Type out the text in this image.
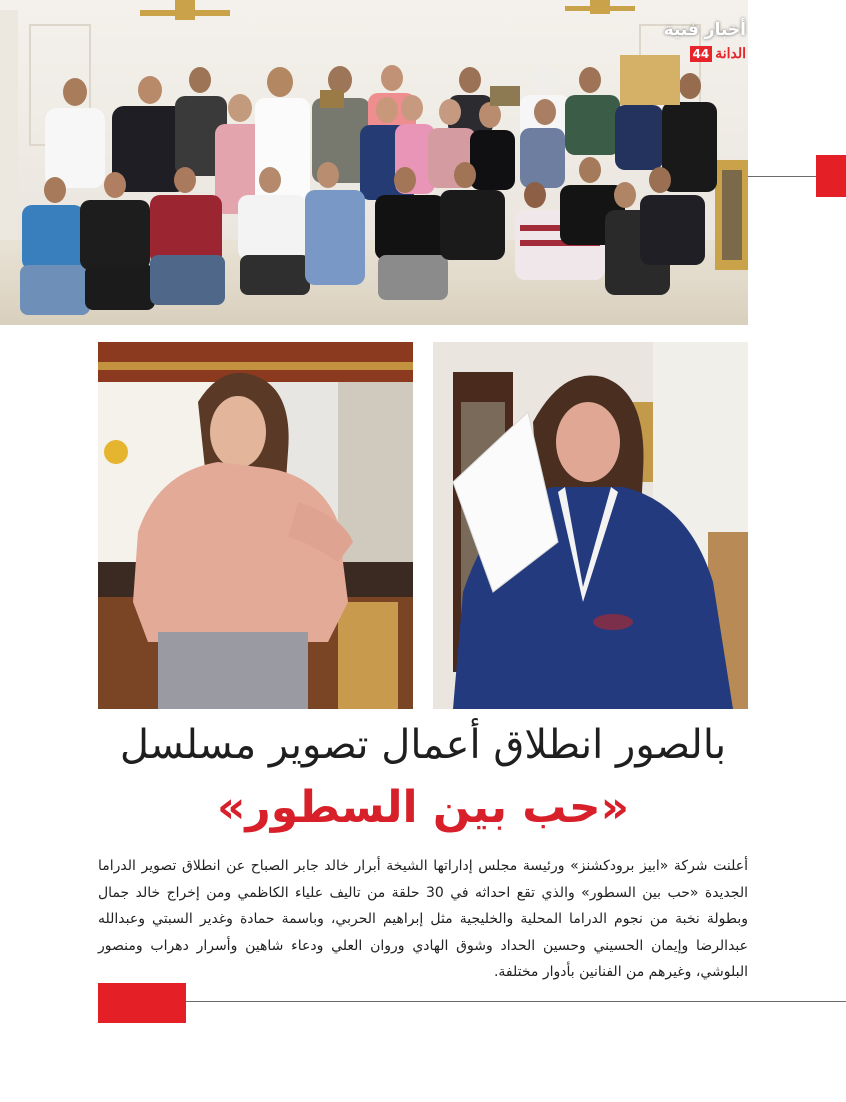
أخبار فنية
44 الدانة
بالصور انطلاق أعمال تصوير مسلسل
«حب بين السطور»
أعلنت شركة «ابيز برودكشنز» ورئيسة مجلس إداراتها الشيخة أبرار خالد جابر الصباح عن انطلاق تصوير الدراما الجديدة «حب بين السطور» والذي تقع احداثه في 30 حلقة من تاليف علياء الكاظمي ومن إخراج خالد جمال وبطولة نخبة من نجوم الدراما المحلية والخليجية مثل إبراهيم الحربي، وباسمة حمادة وغدير السبتي وعبدالله عبدالرضا وإيمان الحسيني وحسين الحداد وشوق الهادي وروان العلي ودعاء شاهين وأسرار دهراب ومنصور البلوشي، وغيرهم من الفنانين بأدوار مختلفة.
